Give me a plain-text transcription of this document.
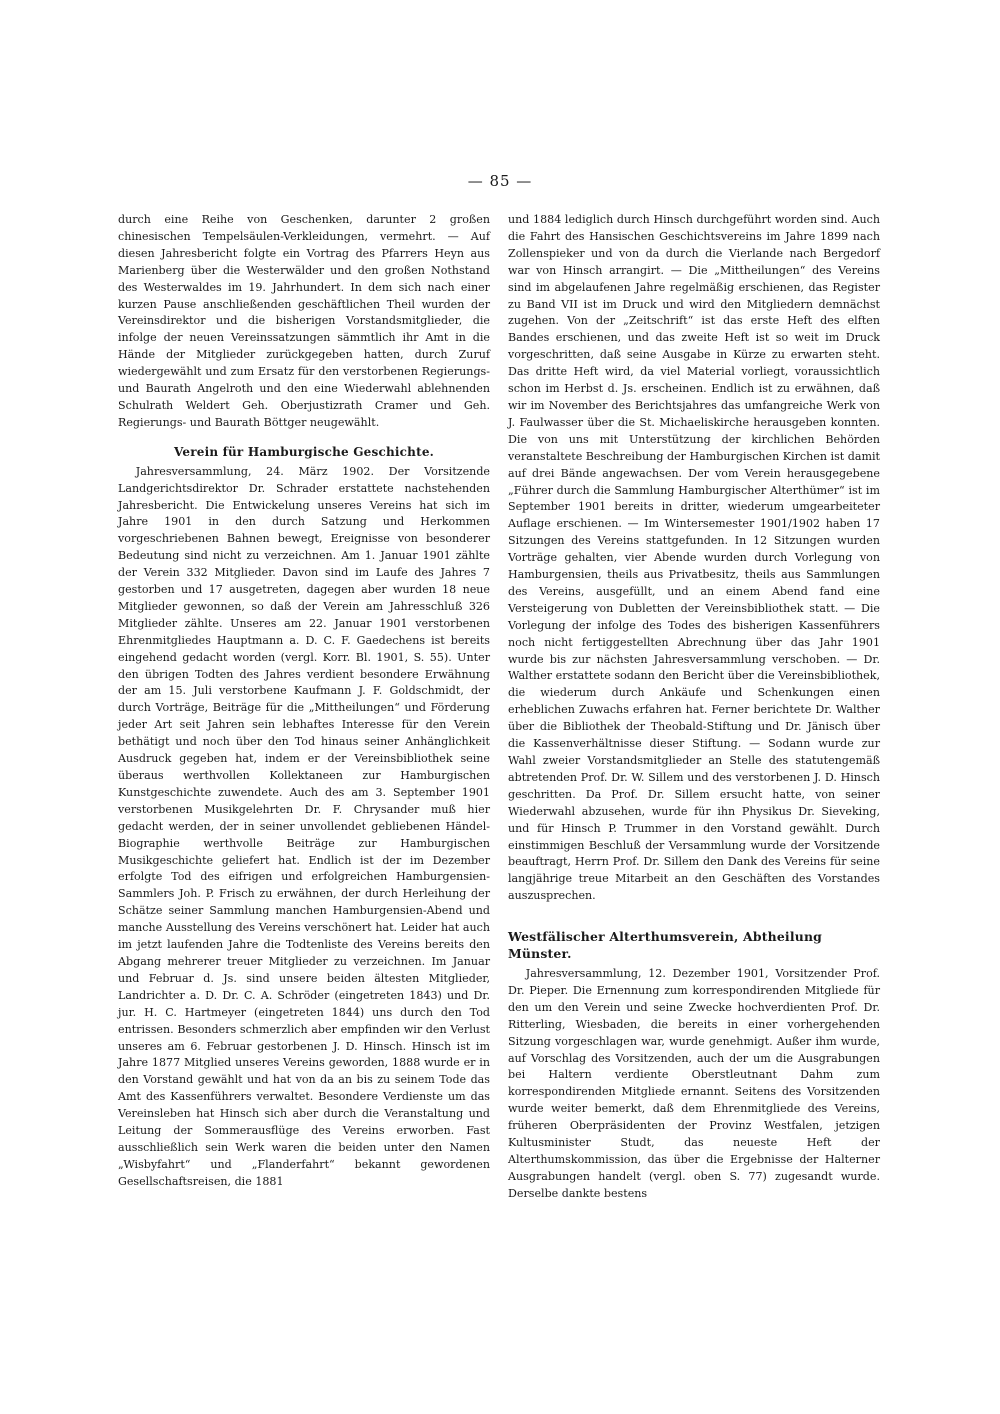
— 85 —

durch eine Reihe von Geschenken, darunter 2 großen chinesischen Tempelsäulen-Verkleidungen, vermehrt. — Auf diesen Jahresbericht folgte ein Vortrag des Pfarrers Heyn aus Marienberg über die Westerwälder und den großen Nothstand des Westerwaldes im 19. Jahrhundert. In dem sich nach einer kurzen Pause anschließenden geschäftlichen Theil wurden der Vereinsdirektor und die bisherigen Vorstandsmitglieder, die infolge der neuen Vereinssatzungen sämmtlich ihr Amt in die Hände der Mitglieder zurückgegeben hatten, durch Zuruf wiedergewählt und zum Ersatz für den verstorbenen Regierungs- und Baurath Angelroth und den eine Wiederwahl ablehnenden Schulrath Weldert Geh. Oberjustizrath Cramer und Geh. Regierungs- und Baurath Böttger neugewählt.

Verein für Hamburgische Geschichte.

Jahresversammlung, 24. März 1902. Der Vorsitzende Landgerichtsdirektor Dr. Schrader erstattete nachstehenden Jahresbericht. Die Entwickelung unseres Vereins hat sich im Jahre 1901 in den durch Satzung und Herkommen vorgeschriebenen Bahnen bewegt, Ereignisse von besonderer Bedeutung sind nicht zu verzeichnen. Am 1. Januar 1901 zählte der Verein 332 Mitglieder. Davon sind im Laufe des Jahres 7 gestorben und 17 ausgetreten, dagegen aber wurden 18 neue Mitglieder gewonnen, so daß der Verein am Jahresschluß 326 Mitglieder zählte. Unseres am 22. Januar 1901 verstorbenen Ehrenmitgliedes Hauptmann a. D. C. F. Gaedechens ist bereits eingehend gedacht worden (vergl. Korr. Bl. 1901, S. 55). Unter den übrigen Todten des Jahres verdient besondere Erwähnung der am 15. Juli verstorbene Kaufmann J. F. Goldschmidt, der durch Vorträge, Beiträge für die „Mittheilungen“ und Förderung jeder Art seit Jahren sein lebhaftes Interesse für den Verein bethätigt und noch über den Tod hinaus seiner Anhänglichkeit Ausdruck gegeben hat, indem er der Vereinsbibliothek seine überaus werthvollen Kollektaneen zur Hamburgischen Kunstgeschichte zuwendete. Auch des am 3. September 1901 verstorbenen Musikgelehrten Dr. F. Chrysander muß hier gedacht werden, der in seiner unvollendet gebliebenen Händel-Biographie werthvolle Beiträge zur Hamburgischen Musikgeschichte geliefert hat. Endlich ist der im Dezember erfolgte Tod des eifrigen und erfolgreichen Hamburgensien-Sammlers Joh. P. Frisch zu erwähnen, der durch Herleihung der Schätze seiner Sammlung manchen Hamburgensien-Abend und manche Ausstellung des Vereins verschönert hat. Leider hat auch im jetzt laufenden Jahre die Todtenliste des Vereins bereits den Abgang mehrerer treuer Mitglieder zu verzeichnen. Im Januar und Februar d. Js. sind unsere beiden ältesten Mitglieder, Landrichter a. D. Dr. C. A. Schröder (eingetreten 1843) und Dr. jur. H. C. Hartmeyer (eingetreten 1844) uns durch den Tod entrissen. Besonders schmerzlich aber empfinden wir den Verlust unseres am 6. Februar gestorbenen J. D. Hinsch. Hinsch ist im Jahre 1877 Mitglied unseres Vereins geworden, 1888 wurde er in den Vorstand gewählt und hat von da an bis zu seinem Tode das Amt des Kassenführers verwaltet. Besondere Verdienste um das Vereinsleben hat Hinsch sich aber durch die Veranstaltung und Leitung der Sommerausflüge des Vereins erworben. Fast ausschließlich sein Werk waren die beiden unter den Namen „Wisbyfahrt“ und „Flanderfahrt“ bekannt gewordenen Gesellschaftsreisen, die 1881

und 1884 lediglich durch Hinsch durchgeführt worden sind. Auch die Fahrt des Hansischen Geschichtsvereins im Jahre 1899 nach Zollenspieker und von da durch die Vierlande nach Bergedorf war von Hinsch arrangirt. — Die „Mittheilungen“ des Vereins sind im abgelaufenen Jahre regelmäßig erschienen, das Register zu Band VII ist im Druck und wird den Mitgliedern demnächst zugehen. Von der „Zeitschrift“ ist das erste Heft des elften Bandes erschienen, und das zweite Heft ist so weit im Druck vorgeschritten, daß seine Ausgabe in Kürze zu erwarten steht. Das dritte Heft wird, da viel Material vorliegt, voraussichtlich schon im Herbst d. Js. erscheinen. Endlich ist zu erwähnen, daß wir im November des Berichtsjahres das umfangreiche Werk von J. Faulwasser über die St. Michaeliskirche herausgeben konnten. Die von uns mit Unterstützung der kirchlichen Behörden veranstaltete Beschreibung der Hamburgischen Kirchen ist damit auf drei Bände angewachsen. Der vom Verein herausgegebene „Führer durch die Sammlung Hamburgischer Alterthümer“ ist im September 1901 bereits in dritter, wiederum umgearbeiteter Auflage erschienen. — Im Wintersemester 1901/1902 haben 17 Sitzungen des Vereins stattgefunden. In 12 Sitzungen wurden Vorträge gehalten, vier Abende wurden durch Vorlegung von Hamburgensien, theils aus Privatbesitz, theils aus Sammlungen des Vereins, ausgefüllt, und an einem Abend fand eine Versteigerung von Dubletten der Vereinsbibliothek statt. — Die Vorlegung der infolge des Todes des bisherigen Kassenführers noch nicht fertiggestellten Abrechnung über das Jahr 1901 wurde bis zur nächsten Jahresversammlung verschoben. — Dr. Walther erstattete sodann den Bericht über die Vereinsbibliothek, die wiederum durch Ankäufe und Schenkungen einen erheblichen Zuwachs erfahren hat. Ferner berichtete Dr. Walther über die Bibliothek der Theobald-Stiftung und Dr. Jänisch über die Kassenverhältnisse dieser Stiftung. — Sodann wurde zur Wahl zweier Vorstandsmitglieder an Stelle des statutengemäß abtretenden Prof. Dr. W. Sillem und des verstorbenen J. D. Hinsch geschritten. Da Prof. Dr. Sillem ersucht hatte, von seiner Wiederwahl abzusehen, wurde für ihn Physikus Dr. Sieveking, und für Hinsch P. Trummer in den Vorstand gewählt. Durch einstimmigen Beschluß der Versammlung wurde der Vorsitzende beauftragt, Herrn Prof. Dr. Sillem den Dank des Vereins für seine langjährige treue Mitarbeit an den Geschäften des Vorstandes auszusprechen.

Westfälischer Alterthumsverein, Abtheilung Münster.

Jahresversammlung, 12. Dezember 1901, Vorsitzender Prof. Dr. Pieper. Die Ernennung zum korrespondirenden Mitgliede für den um den Verein und seine Zwecke hochverdienten Prof. Dr. Ritterling, Wiesbaden, die bereits in einer vorhergehenden Sitzung vorgeschlagen war, wurde genehmigt. Außer ihm wurde, auf Vorschlag des Vorsitzenden, auch der um die Ausgrabungen bei Haltern verdiente Oberstleutnant Dahm zum korrespondirenden Mitgliede ernannt. Seitens des Vorsitzenden wurde weiter bemerkt, daß dem Ehrenmitgliede des Vereins, früheren Oberpräsidenten der Provinz Westfalen, jetzigen Kultusminister Studt, das neueste Heft der Alterthumskommission, das über die Ergebnisse der Halterner Ausgrabungen handelt (vergl. oben S. 77) zugesandt wurde. Derselbe dankte bestens
